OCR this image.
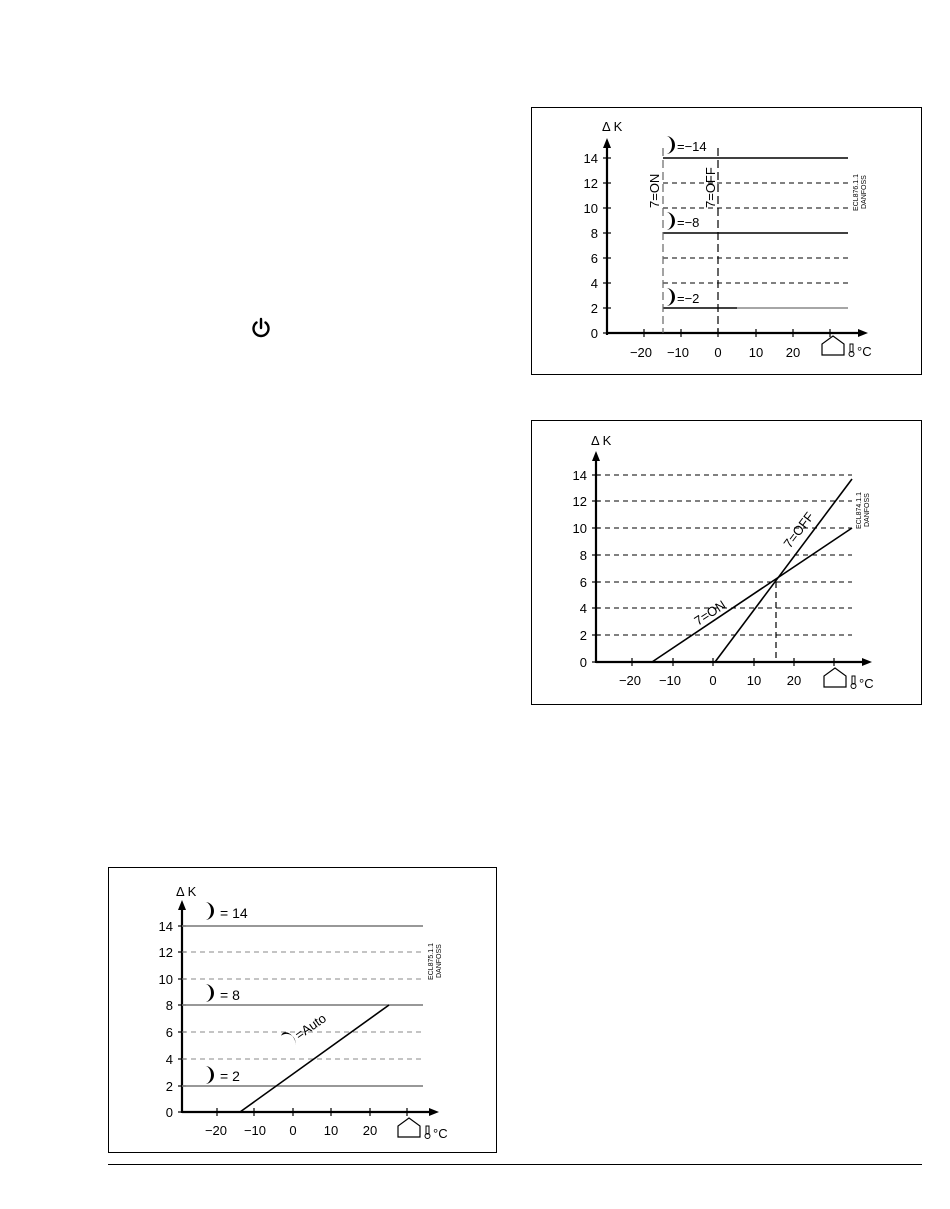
Δ K
14
12
10
8
6
4
2
0
−20 −10 0 10 20
=−14
=−8
=−2
7=ON	7=OFF	ECL876.1.1 DANFOSS
°C
Δ K
14
12
10
8
6
4
2
0
−20 −10 0 10 20
7=ON
7=OFF	ECL874.1.1 DANFOSS
°C
Δ K
14
12
10
8
6
4
2
0
−20 −10 0 10 20
= 14
= 8
= 2
=Auto
ECL875.1.1 DANFOSS
°C
